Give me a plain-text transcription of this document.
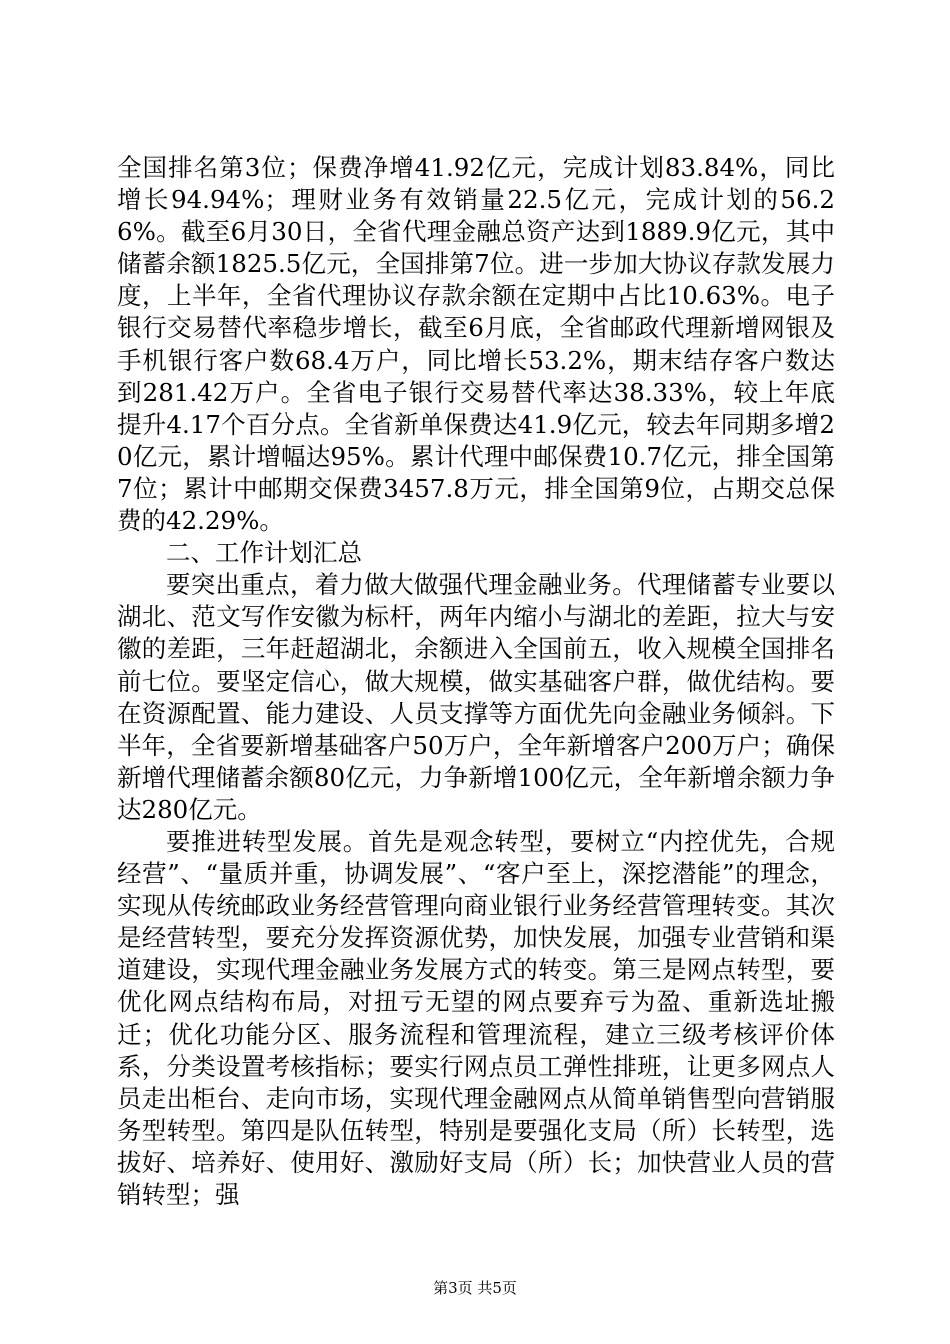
全国排名第3位；保费净增41.92亿元，完成计划83.84%，同比增长94.94%；理财业务有效销量22.5亿元，完成计划的56.26%。截至6月30日，全省代理金融总资产达到1889.9亿元，其中储蓄余额1825.5亿元，全国排第7位。进一步加大协议存款发展力度，上半年，全省代理协议存款余额在定期中占比10.63%。电子银行交易替代率稳步增长，截至6月底，全省邮政代理新增网银及手机银行客户数68.4万户，同比增长53.2%，期末结存客户数达到281.42万户。全省电子银行交易替代率达38.33%，较上年底提升4.17个百分点。全省新单保费达41.9亿元，较去年同期多增20亿元，累计增幅达95%。累计代理中邮保费10.7亿元，排全国第7位；累计中邮期交保费3457.8万元，排全国第9位，占期交总保费的42.29%。

二、工作计划汇总

要突出重点，着力做大做强代理金融业务。代理储蓄专业要以湖北、范文写作安徽为标杆，两年内缩小与湖北的差距，拉大与安徽的差距，三年赶超湖北，余额进入全国前五，收入规模全国排名前七位。要坚定信心，做大规模，做实基础客户群，做优结构。要在资源配置、能力建设、人员支撑等方面优先向金融业务倾斜。下半年，全省要新增基础客户50万户，全年新增客户200万户；确保新增代理储蓄余额80亿元，力争新增100亿元，全年新增余额力争达280亿元。

要推进转型发展。首先是观念转型，要树立“内控优先，合规经营”、“量质并重，协调发展”、“客户至上，深挖潜能”的理念，实现从传统邮政业务经营管理向商业银行业务经营管理转变。其次是经营转型，要充分发挥资源优势，加快发展，加强专业营销和渠道建设，实现代理金融业务发展方式的转变。第三是网点转型，要优化网点结构布局，对扭亏无望的网点要弃亏为盈、重新选址搬迁；优化功能分区、服务流程和管理流程，建立三级考核评价体系，分类设置考核指标；要实行网点员工弹性排班，让更多网点人员走出柜台、走向市场，实现代理金融网点从简单销售型向营销服务型转型。第四是队伍转型，特别是要强化支局（所）长转型，选拔好、培养好、使用好、激励好支局（所）长；加快营业人员的营销转型；强

第3页 共5页
